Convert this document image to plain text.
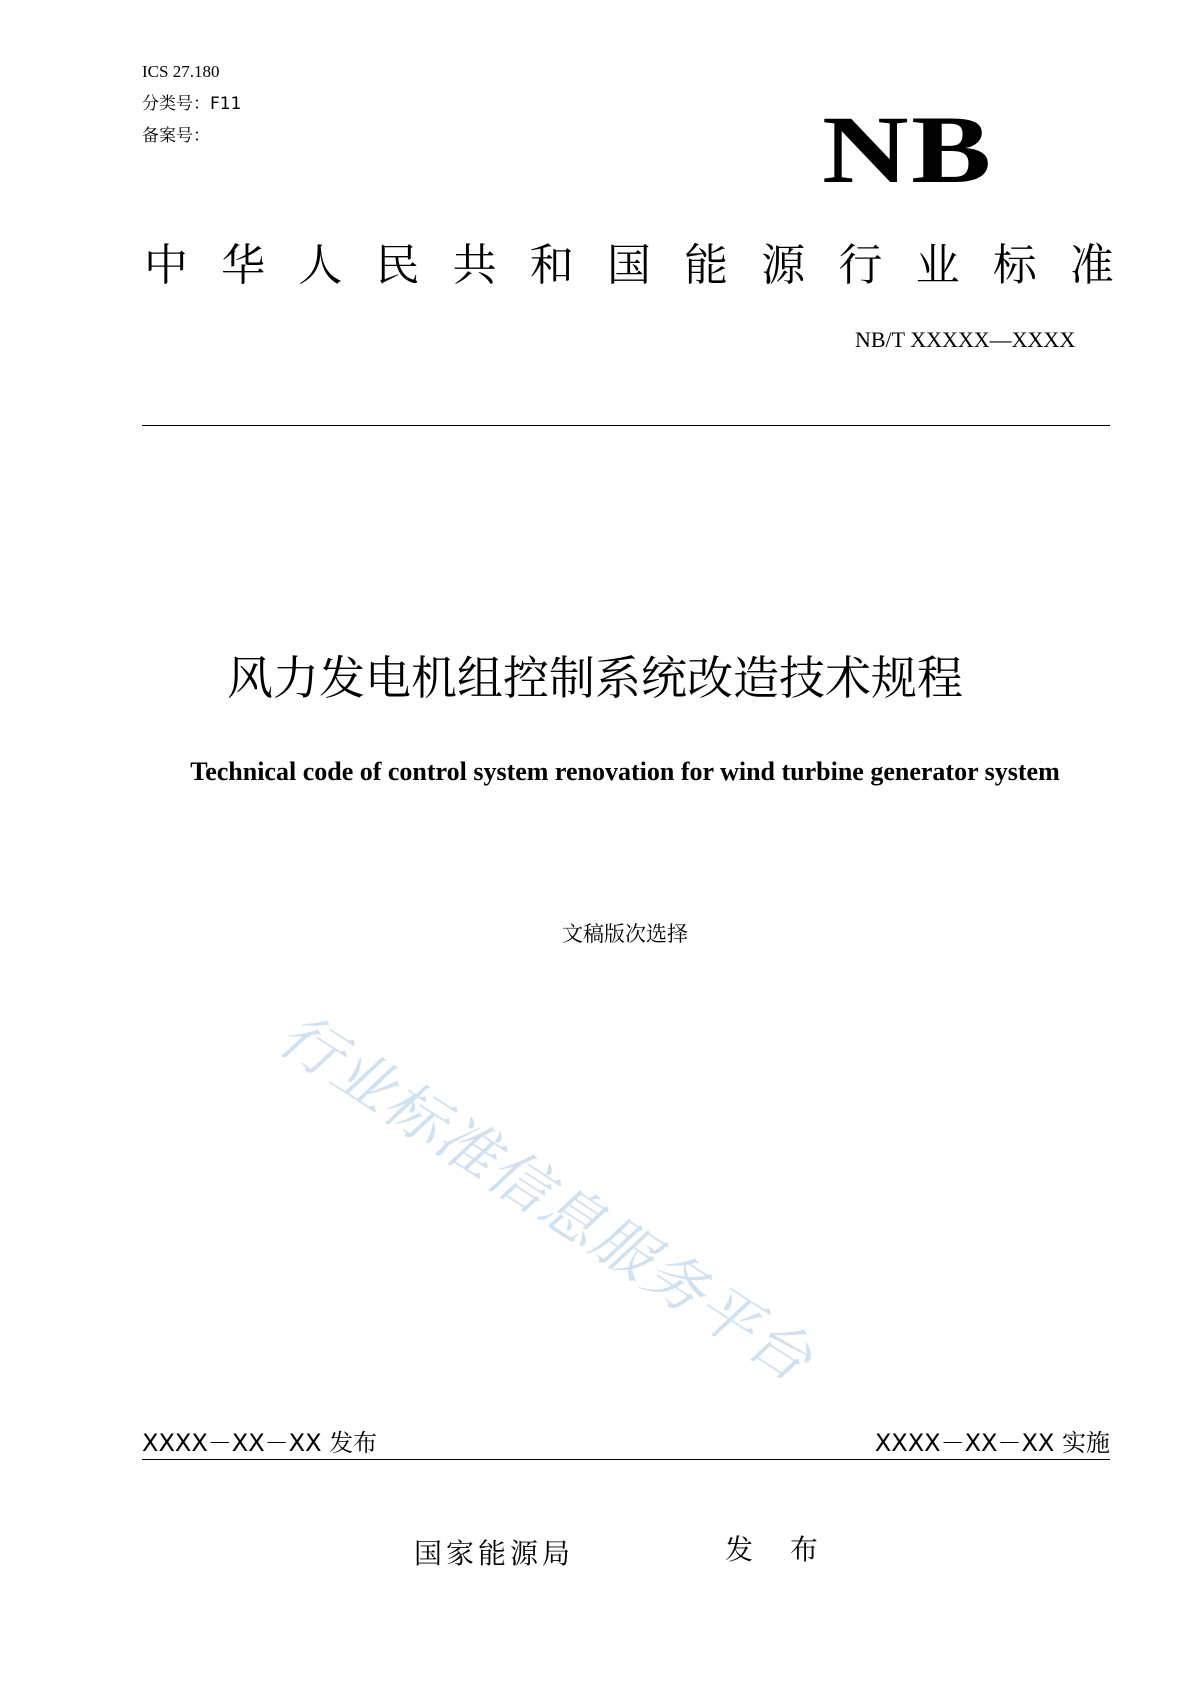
ICS 27.180
分类号：F11
备案号：	NB
中 华 人 民 共 和 国 能 源 行 业 标 准
NB/T XXXXX—XXXX
风力发电机组控制系统改造技术规程
Technical code of control system renovation for wind turbine generator system
文稿版次选择
行业标准信息服务平台
XXXX－XX－XX 发布	XXXX－XX－XX 实施
国家能源局	发 布
